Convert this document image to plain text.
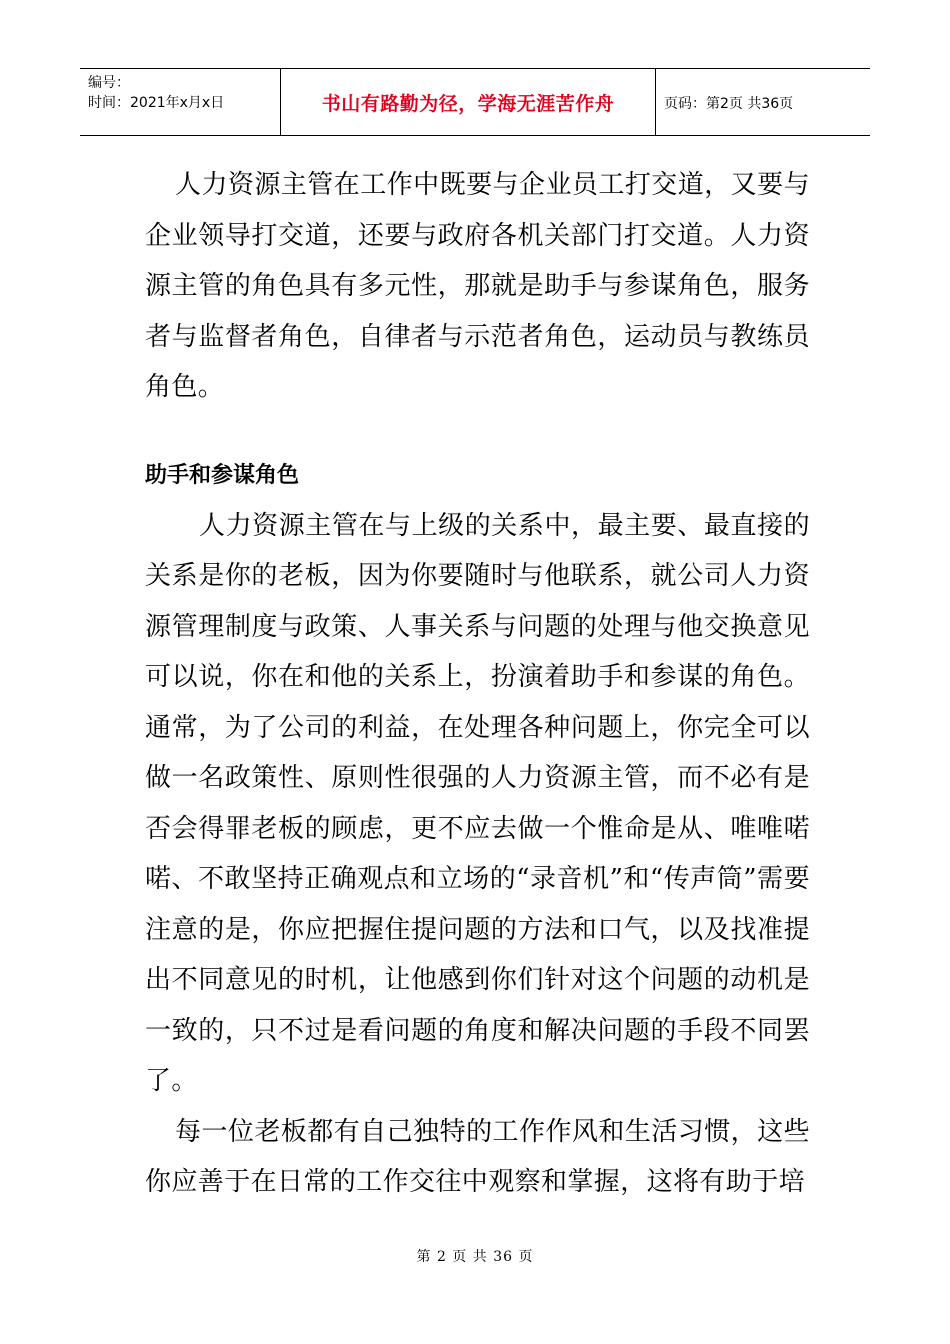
编号：
时间：2021年x月x日	书山有路勤为径，学海无涯苦作舟	页码：第2页 共36页

人力资源主管在工作中既要与企业员工打交道，又要与企业领导打交道，还要与政府各机关部门打交道。人力资源主管的角色具有多元性，那就是助手与参谋角色，服务者与监督者角色，自律者与示范者角色，运动员与教练员角色。

助手和参谋角色

人力资源主管在与上级的关系中，最主要、最直接的关系是你的老板，因为你要随时与他联系，就公司人力资源管理制度与政策、人事关系与问题的处理与他交换意见可以说，你在和他的关系上，扮演着助手和参谋的角色。通常，为了公司的利益，在处理各种问题上，你完全可以做一名政策性、原则性很强的人力资源主管，而不必有是否会得罪老板的顾虑，更不应去做一个惟命是从、唯唯喏喏、不敢坚持正确观点和立场的“录音机”和“传声筒”需要注意的是，你应把握住提问题的方法和口气，以及找准提出不同意见的时机，让他感到你们针对这个问题的动机是一致的，只不过是看问题的角度和解决问题的手段不同罢了。

每一位老板都有自己独特的工作作风和生活习惯，这些你应善于在日常的工作交往中观察和掌握，这将有助于培

第 2 页 共 36 页
